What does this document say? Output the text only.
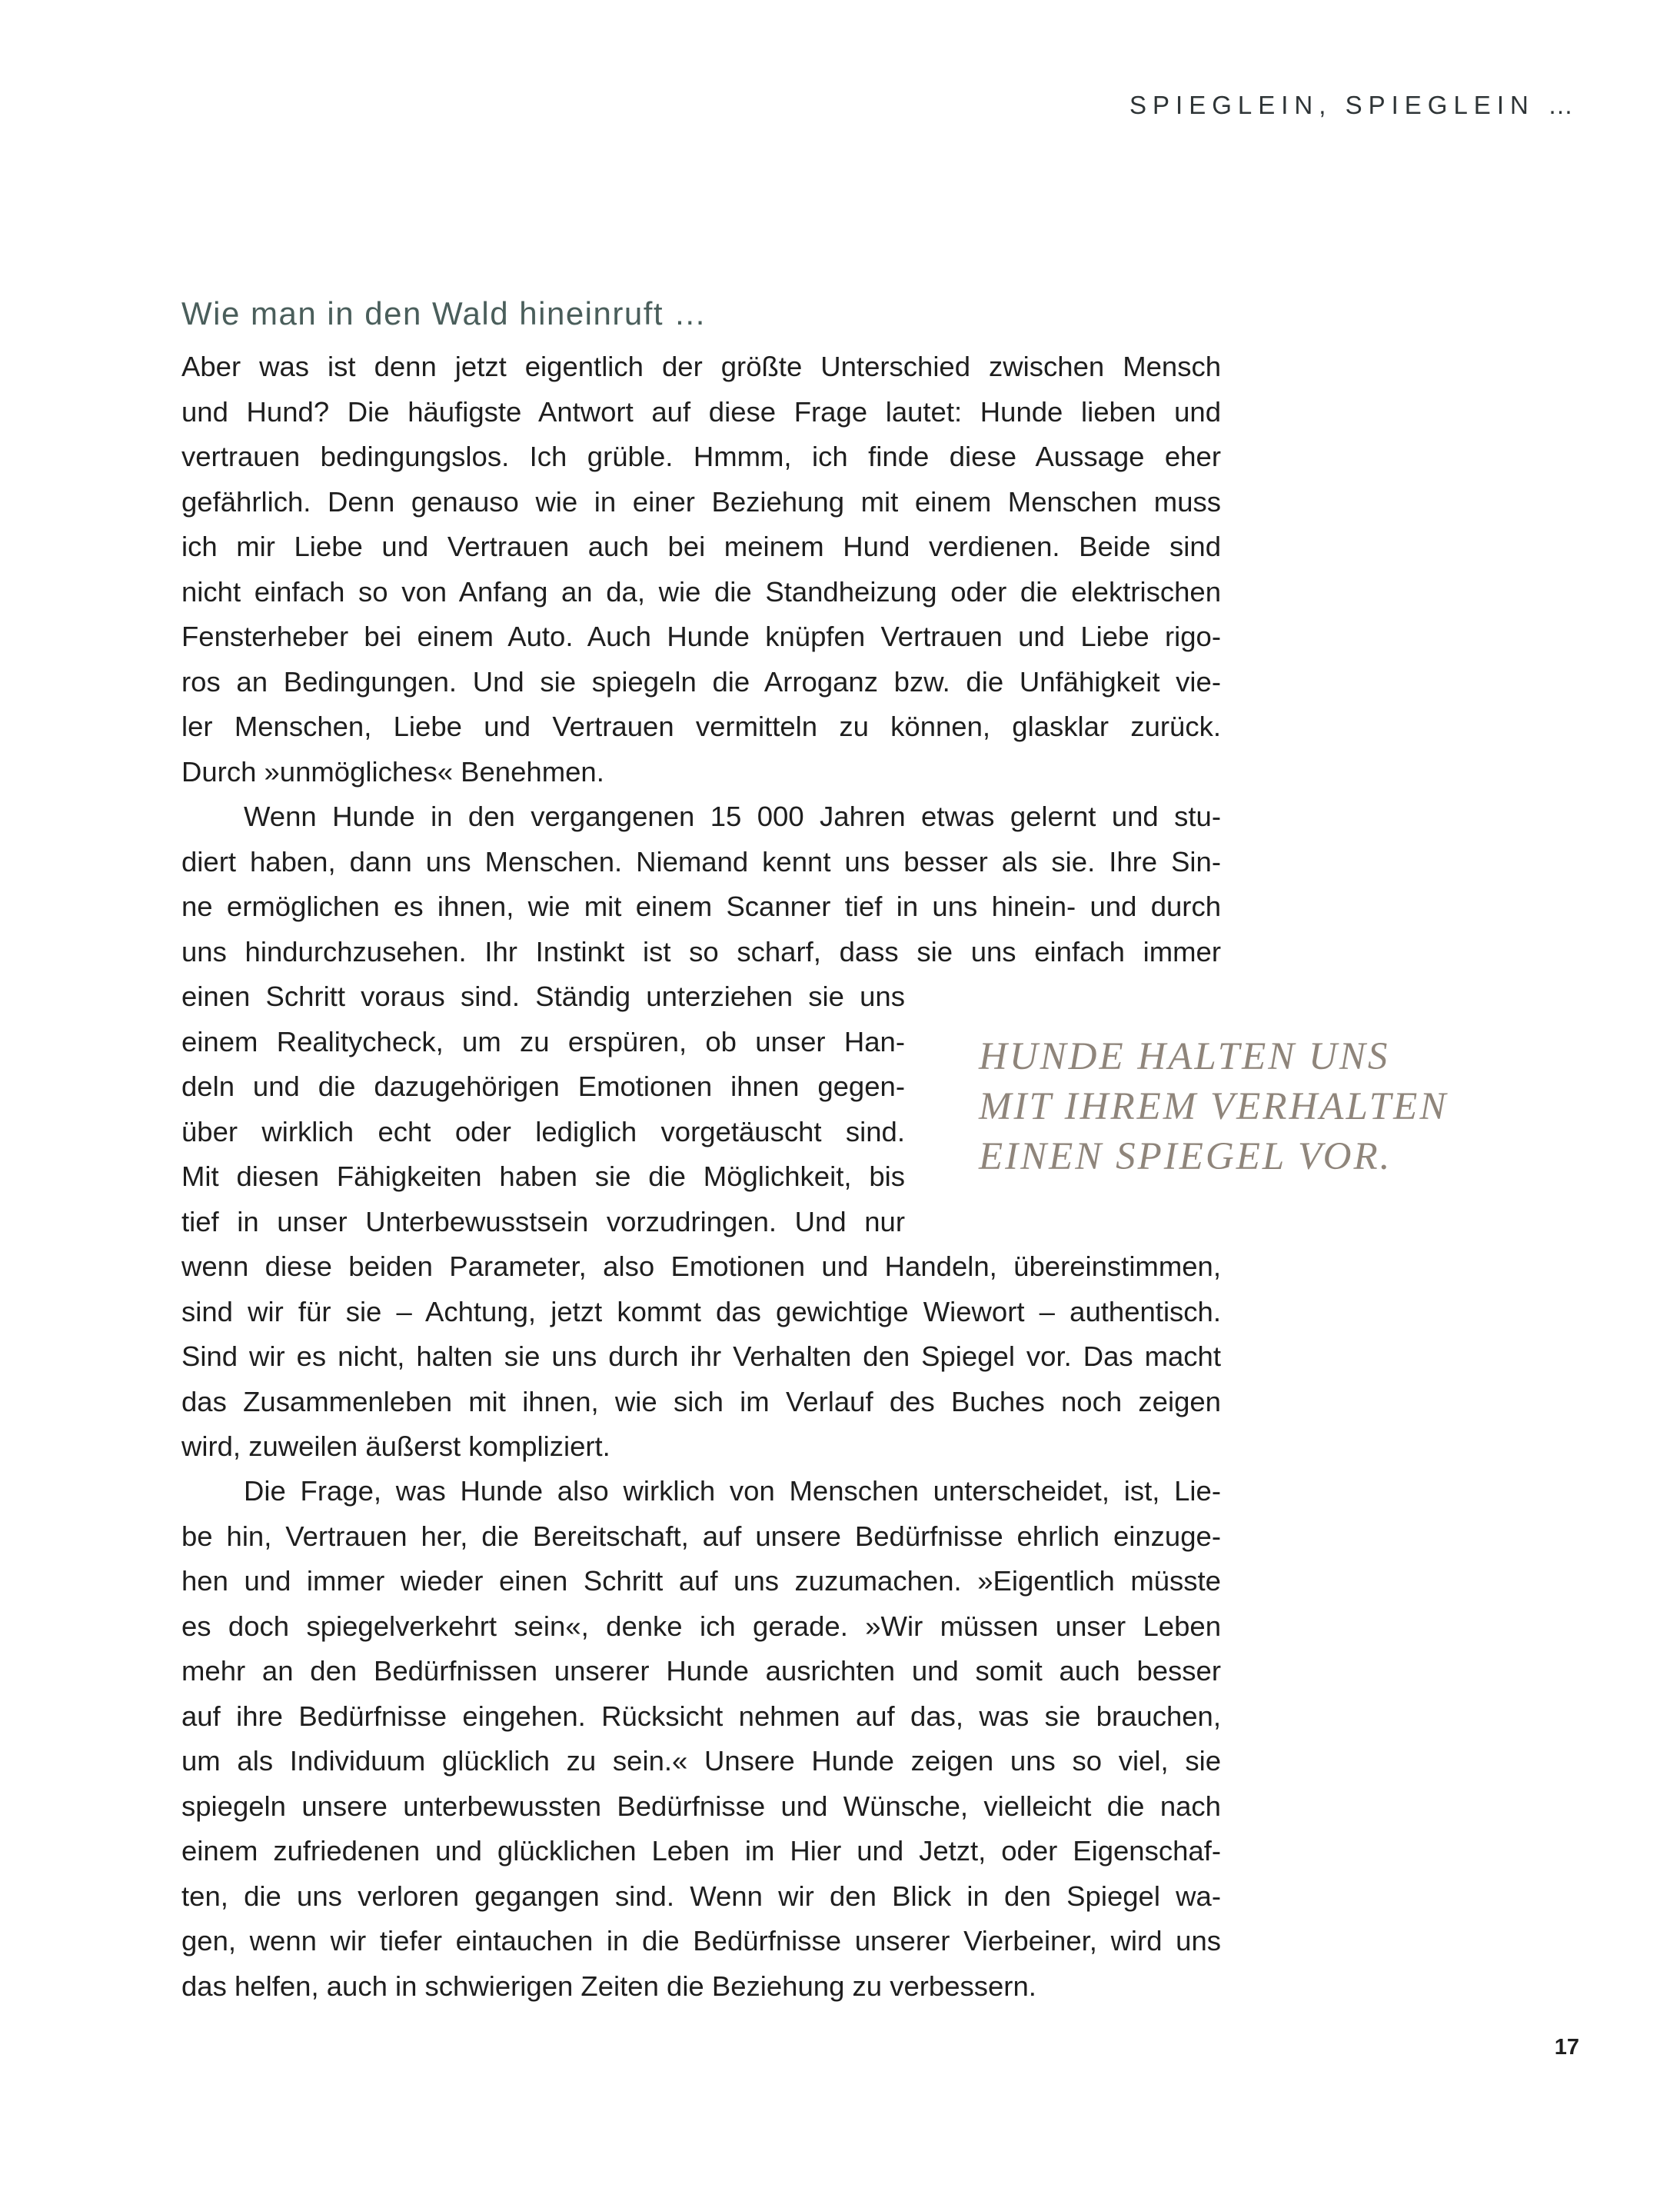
SPIEGLEIN, SPIEGLEIN …
Wie man in den Wald hineinruft …

Aber was ist denn jetzt eigentlich der größte Unterschied zwischen Mensch
und Hund? Die häufigste Antwort auf diese Frage lautet: Hunde lieben und
vertrauen bedingungslos. Ich grüble. Hmmm, ich finde diese Aussage eher
gefährlich. Denn genauso wie in einer Beziehung mit einem Menschen muss
ich mir Liebe und Vertrauen auch bei meinem Hund verdienen. Beide sind
nicht einfach so von Anfang an da, wie die Standheizung oder die elektrischen
Fensterheber bei einem Auto. Auch Hunde knüpfen Vertrauen und Liebe rigo-
ros an Bedingungen. Und sie spiegeln die Arroganz bzw. die Unfähigkeit vie-
ler Menschen, Liebe und Vertrauen vermitteln zu können, glasklar zurück.
Durch »unmögliches« Benehmen.

Wenn Hunde in den vergangenen 15 000 Jahren etwas gelernt und stu-
diert haben, dann uns Menschen. Niemand kennt uns besser als sie. Ihre Sin-
ne ermöglichen es ihnen, wie mit einem Scanner tief in uns hinein- und durch
uns hindurchzusehen. Ihr Instinkt ist so scharf, dass sie uns einfach immer

einen Schritt voraus sind. Ständig unterziehen sie uns
einem Realitycheck, um zu erspüren, ob unser Han-
deln und die dazugehörigen Emotionen ihnen gegen-
über wirklich echt oder lediglich vorgetäuscht sind.
Mit diesen Fähigkeiten haben sie die Möglichkeit, bis
tief in unser Unterbewusstsein vorzudringen. Und nur

wenn diese beiden Parameter, also Emotionen und Handeln, übereinstimmen,
sind wir für sie – Achtung, jetzt kommt das gewichtige Wiewort – authentisch.
Sind wir es nicht, halten sie uns durch ihr Verhalten den Spiegel vor. Das macht
das Zusammenleben mit ihnen, wie sich im Verlauf des Buches noch zeigen
wird, zuweilen äußerst kompliziert.

Die Frage, was Hunde also wirklich von Menschen unterscheidet, ist, Lie-
be hin, Vertrauen her, die Bereitschaft, auf unsere Bedürfnisse ehrlich einzuge-
hen und immer wieder einen Schritt auf uns zuzumachen. »Eigentlich müsste
es doch spiegelverkehrt sein«, denke ich gerade. »Wir müssen unser Leben
mehr an den Bedürfnissen unserer Hunde ausrichten und somit auch besser
auf ihre Bedürfnisse eingehen. Rücksicht nehmen auf das, was sie brauchen,
um als Individuum glücklich zu sein.« Unsere Hunde zeigen uns so viel, sie
spiegeln unsere unterbewussten Bedürfnisse und Wünsche, vielleicht die nach
einem zufriedenen und glücklichen Leben im Hier und Jetzt, oder Eigenschaf-
ten, die uns verloren gegangen sind. Wenn wir den Blick in den Spiegel wa-
gen, wenn wir tiefer eintauchen in die Bedürfnisse unserer Vierbeiner, wird uns
das helfen, auch in schwierigen Zeiten die Beziehung zu verbessern.

HUNDE HALTEN UNS
MIT IHREM VERHALTEN
EINEN SPIEGEL VOR.
17
